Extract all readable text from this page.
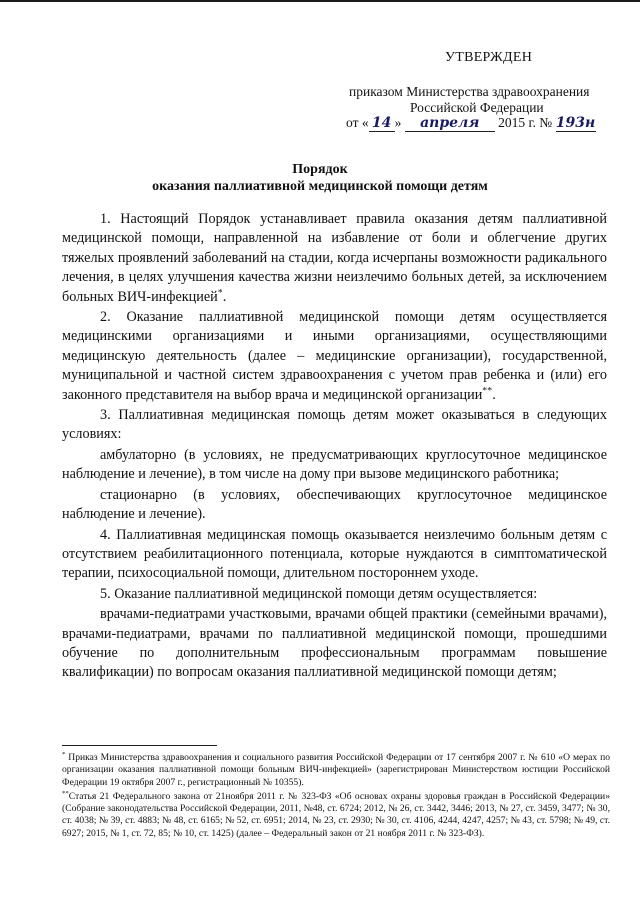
УТВЕРЖДЕН
приказом Министерства здравоохранения
Российской Федерации
от « 14 » апреля 2015 г. № 193н
Порядок
оказания паллиативной медицинской помощи детям

1. Настоящий Порядок устанавливает правила оказания детям паллиативной медицинской помощи, направленной на избавление от боли и облегчение других тяжелых проявлений заболеваний на стадии, когда исчерпаны возможности радикального лечения, в целях улучшения качества жизни неизлечимо больных детей, за исключением больных ВИЧ-инфекцией*.

2. Оказание паллиативной медицинской помощи детям осуществляется медицинскими организациями и иными организациями, осуществляющими медицинскую деятельность (далее – медицинские организации), государственной, муниципальной и частной систем здравоохранения с учетом прав ребенка и (или) его законного представителя на выбор врача и медицинской организации**.

3. Паллиативная медицинская помощь детям может оказываться в следующих условиях:

амбулаторно (в условиях, не предусматривающих круглосуточное медицинское наблюдение и лечение), в том числе на дому при вызове медицинского работника;

стационарно (в условиях, обеспечивающих круглосуточное медицинское наблюдение и лечение).

4. Паллиативная медицинская помощь оказывается неизлечимо больным детям с отсутствием реабилитационного потенциала, которые нуждаются в симптоматической терапии, психосоциальной помощи, длительном постороннем уходе.

5. Оказание паллиативной медицинской помощи детям осуществляется:

врачами-педиатрами участковыми, врачами общей практики (семейными врачами), врачами-педиатрами, врачами по паллиативной медицинской помощи, прошедшими обучение по дополнительным профессиональным программам повышение квалификации) по вопросам оказания паллиативной медицинской помощи детям;

* Приказ Министерства здравоохранения и социального развития Российской Федерации от 17 сентября 2007 г. № 610 «О мерах по организации оказания паллиативной помощи больным ВИЧ-инфекцией» (зарегистрирован Министерством юстиции Российской Федерации 19 октября 2007 г., регистрационный № 10355).

**Статья 21 Федерального закона от 21ноября 2011 г. № 323-ФЗ «Об основах охраны здоровья граждан в Российской Федерации» (Собрание законодательства Российской Федерации, 2011, №48, ст. 6724; 2012, № 26, ст. 3442, 3446; 2013, № 27, ст. 3459, 3477; № 30, ст. 4038; № 39, ст. 4883; № 48, ст. 6165; № 52, ст. 6951; 2014, № 23, ст. 2930; № 30, ст. 4106, 4244, 4247, 4257; № 43, ст. 5798; № 49, ст. 6927; 2015, № 1, ст. 72, 85; № 10, ст. 1425) (далее – Федеральный закон от 21 ноября 2011 г. № 323-ФЗ).
